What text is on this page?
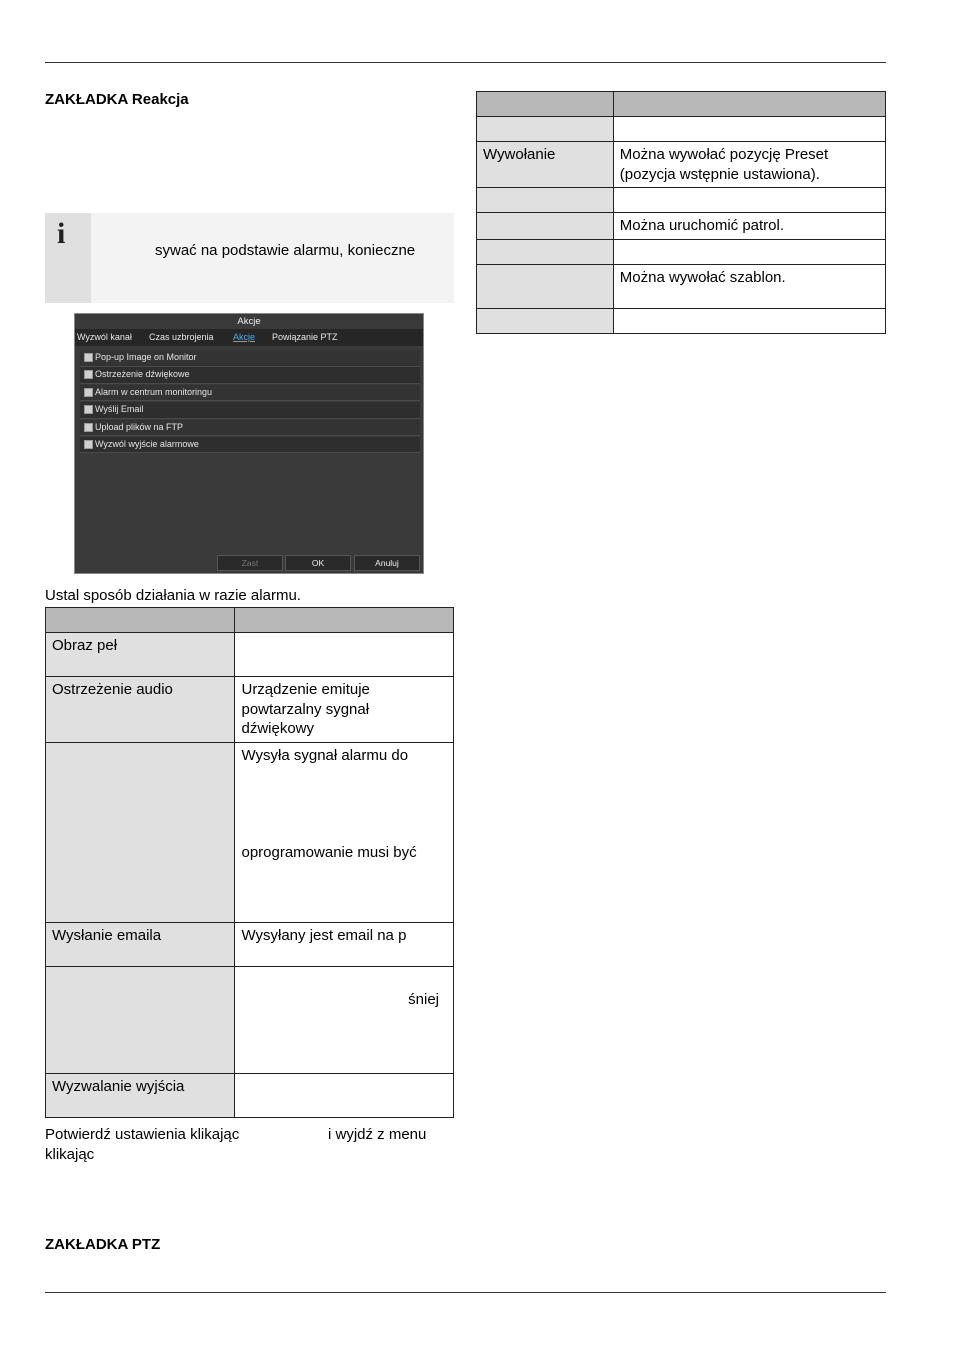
ZAKŁADKA Reakcja
i
sywać na podstawie alarmu, konieczne
Akcje
Wyzwól kanał Czas uzbrojenia Akcje Powiązanie PTZ
Pop-up Image on Monitor
Ostrzeżenie dźwiękowe
Alarm w centrum monitoringu
Wyślij Email
Upload plików na FTP
Wyzwól wyjście alarmowe
Zast	OK	Anuluj
Ustal sposób działania w razie alarmu.

Obraz peł	
Ostrzeżenie audio	Urządzenie emituje
powtarzalny sygnał
dźwiękowy

	Wysyła sygnał alarmu do
oprogramowanie musi być

Wysłanie emaila	Wysyłany jest email na p

	śniej

Wyzwalanie wyjścia	
Potwierdź ustawienia klikając	i wyjdź z menu
klikając
ZAKŁADKA PTZ

Wywołanie	Można wywołać pozycję Preset (pozycja wstępnie ustawiona).

	Można uruchomić patrol.

	Można wywołać szablon.
